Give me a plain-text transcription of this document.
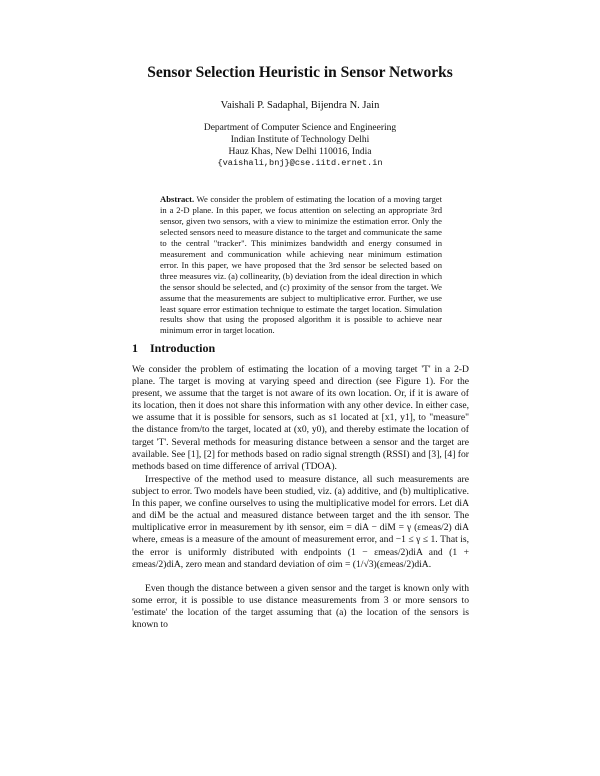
Sensor Selection Heuristic in Sensor Networks
Vaishali P. Sadaphal, Bijendra N. Jain
Department of Computer Science and Engineering
Indian Institute of Technology Delhi
Hauz Khas, New Delhi 110016, India
{vaishali,bnj}@cse.iitd.ernet.in
Abstract. We consider the problem of estimating the location of a moving target in a 2-D plane. In this paper, we focus attention on selecting an appropriate 3rd sensor, given two sensors, with a view to minimize the estimation error. Only the selected sensors need to measure distance to the target and communicate the same to the central "tracker". This minimizes bandwidth and energy consumed in measurement and communication while achieving near minimum estimation error. In this paper, we have proposed that the 3rd sensor be selected based on three measures viz. (a) collinearity, (b) deviation from the ideal direction in which the sensor should be selected, and (c) proximity of the sensor from the target. We assume that the measurements are subject to multiplicative error. Further, we use least square error estimation technique to estimate the target location. Simulation results show that using the proposed algorithm it is possible to achieve near minimum error in target location.
1 Introduction
We consider the problem of estimating the location of a moving target 'T' in a 2-D plane. The target is moving at varying speed and direction (see Figure 1). For the present, we assume that the target is not aware of its own location. Or, if it is aware of its location, then it does not share this information with any other device. In either case, we assume that it is possible for sensors, such as s1 located at [x1, y1], to "measure" the distance from/to the target, located at (x0, y0), and thereby estimate the location of target 'T'. Several methods for measuring distance between a sensor and the target are available. See [1], [2] for methods based on radio signal strength (RSSI) and [3], [4] for methods based on time difference of arrival (TDOA).
Irrespective of the method used to measure distance, all such measurements are subject to error. Two models have been studied, viz. (a) additive, and (b) multiplicative. In this paper, we confine ourselves to using the multiplicative model for errors. Let diA and diM be the actual and measured distance between target and the ith sensor. The multiplicative error in measurement by ith sensor, eim = diA − diM = γ (εmeas/2) diA where, εmeas is a measure of the amount of measurement error, and −1 ≤ γ ≤ 1. That is, the error is uniformly distributed with endpoints (1 − εmeas/2)diA and (1 + εmeas/2)diA, zero mean and standard deviation of σim = (1/√3)(εmeas/2)diA.
Even though the distance between a given sensor and the target is known only with some error, it is possible to use distance measurements from 3 or more sensors to 'estimate' the location of the target assuming that (a) the location of the sensors is known to
